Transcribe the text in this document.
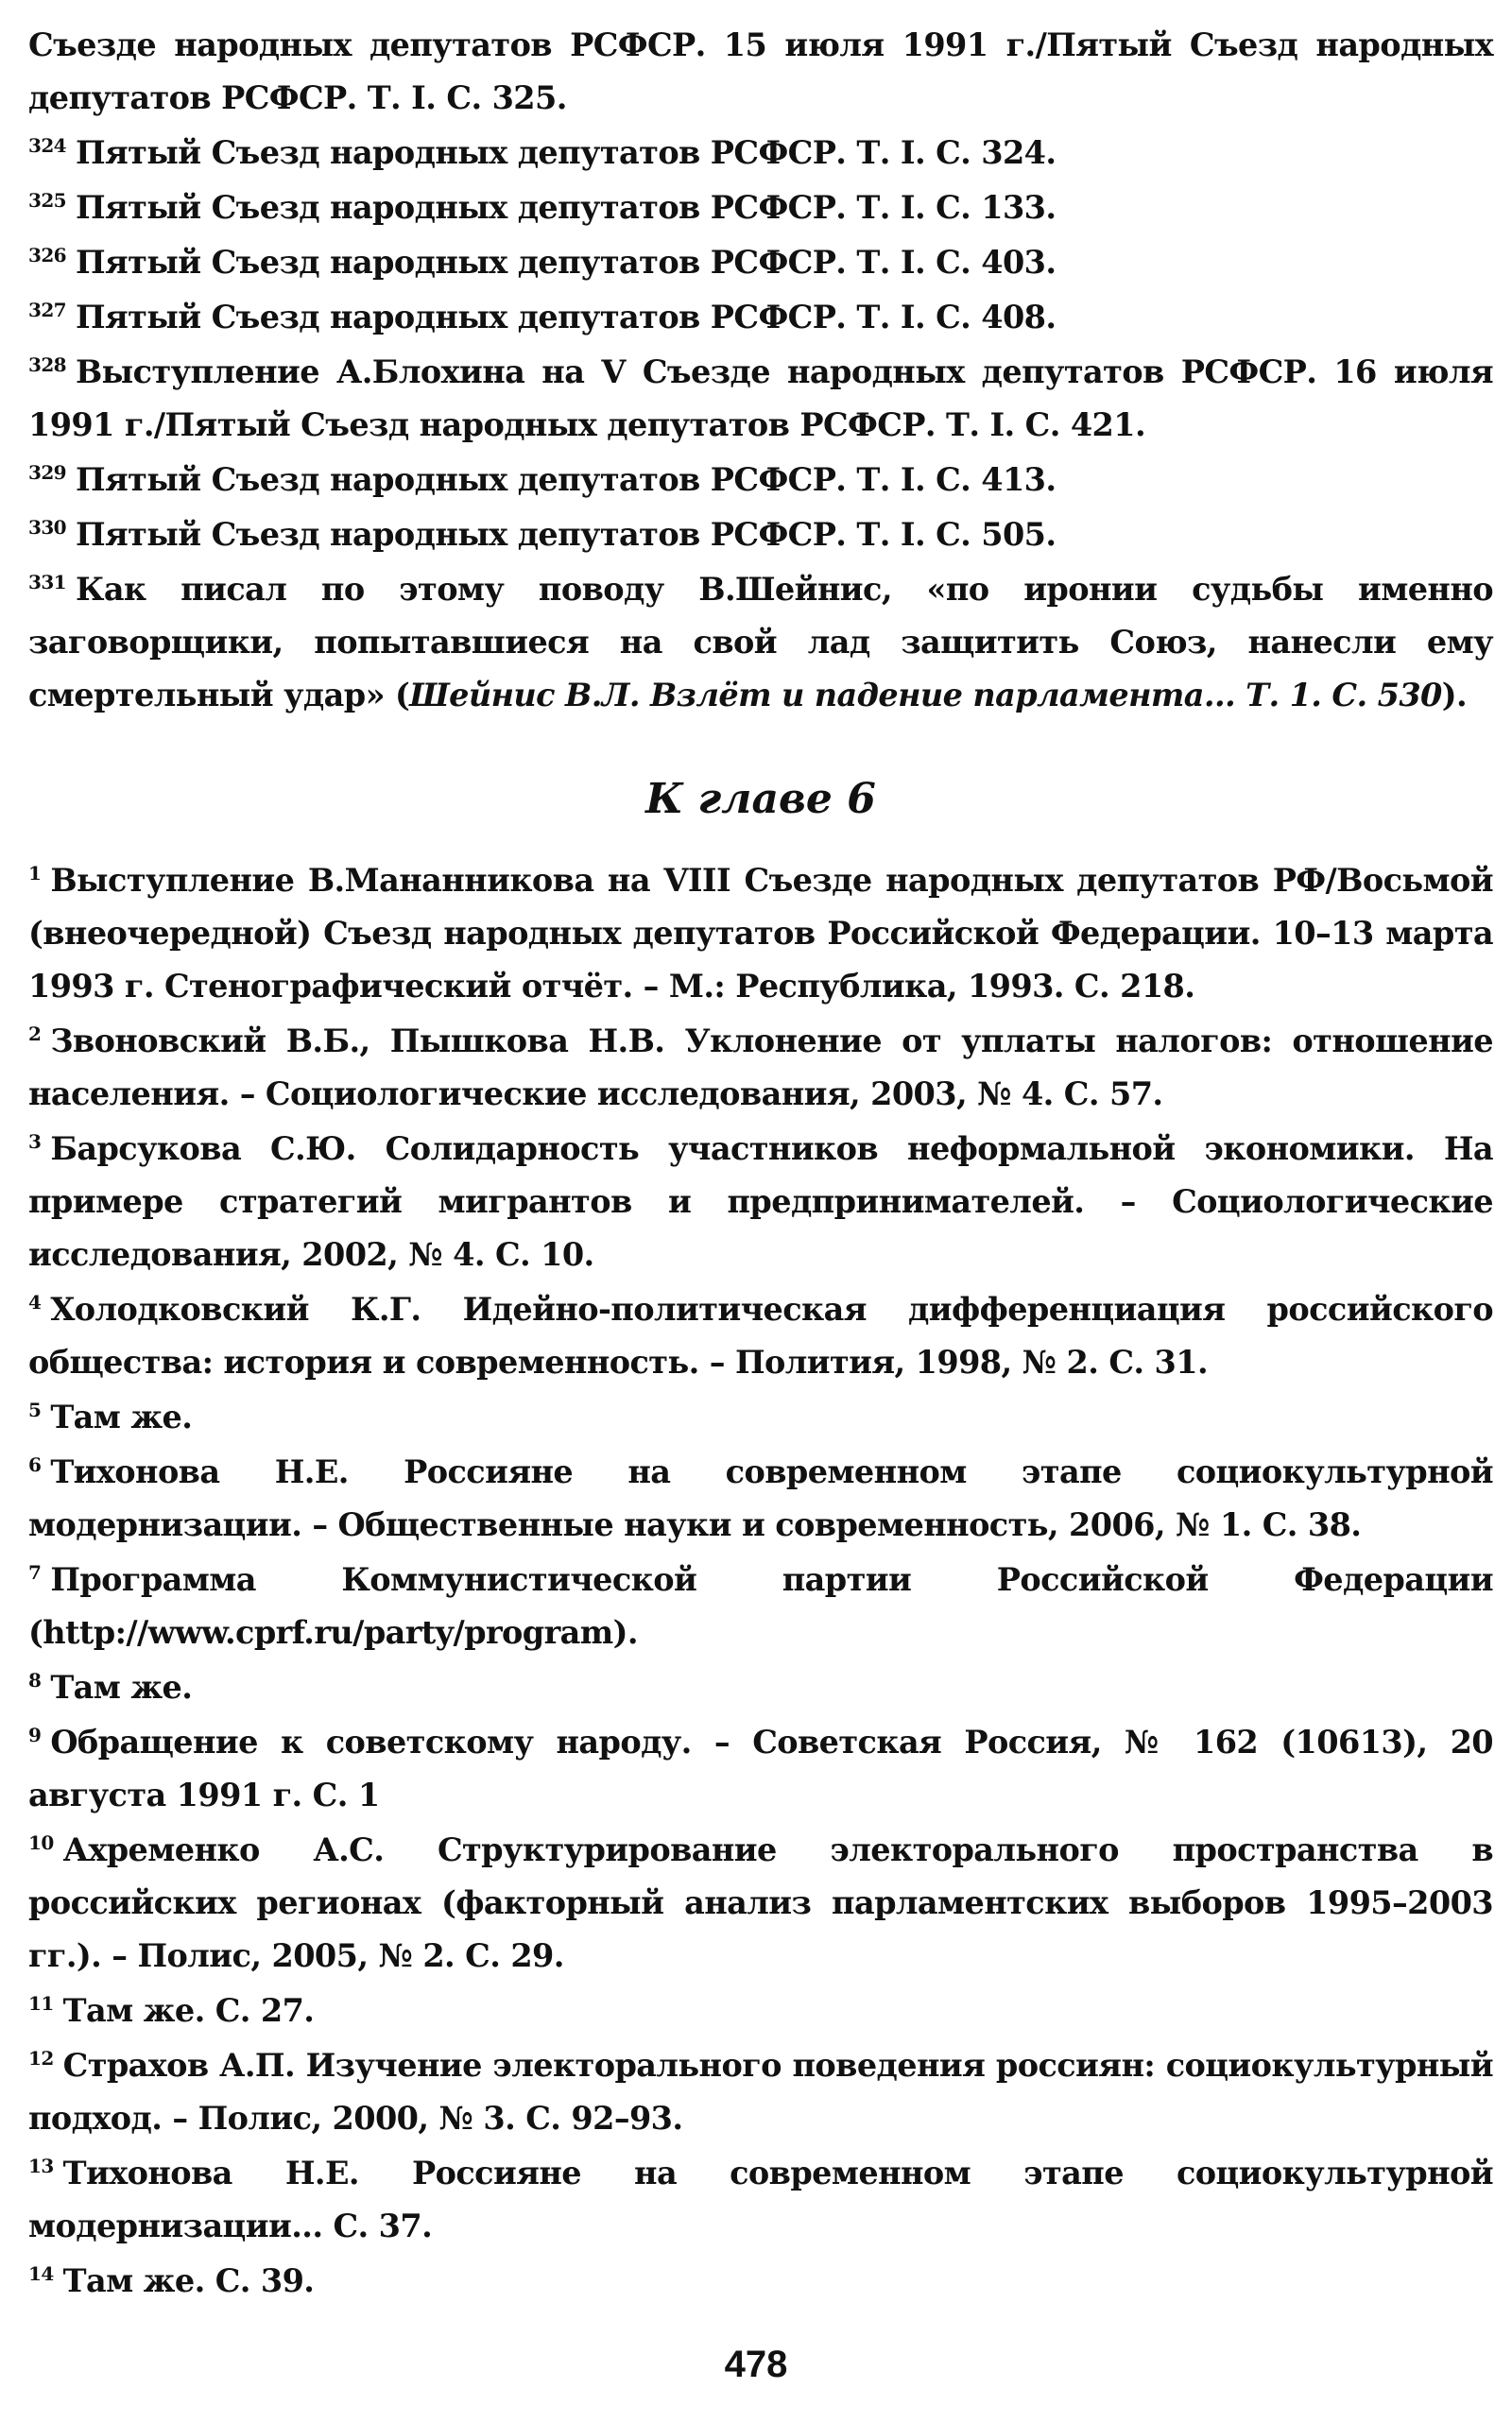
Съезде народных депутатов РСФСР. 15 июля 1991 г./Пятый Съезд народных депутатов РСФСР. Т. I. С. 325.

$^{324}$ Пятый Съезд народных депутатов РСФСР. Т. I. С. 324.

$^{325}$ Пятый Съезд народных депутатов РСФСР. Т. I. С. 133.

$^{326}$ Пятый Съезд народных депутатов РСФСР. Т. I. С. 403.

$^{327}$ Пятый Съезд народных депутатов РСФСР. Т. I. С. 408.

$^{328}$ Выступление А.Блохина на V Съезде народных депутатов РСФСР. 16 июля 1991 г./Пятый Съезд народных депутатов РСФСР. Т. I. С. 421.

$^{329}$ Пятый Съезд народных депутатов РСФСР. Т. I. С. 413.

$^{330}$ Пятый Съезд народных депутатов РСФСР. Т. I. С. 505.

$^{331}$ Как писал по этому поводу В.Шейнис, «по иронии судьбы именно заговорщики, попытавшиеся на свой лад защитить Союз, нанесли ему смертельный удар» (Шейнис В.Л. Взлёт и падение парламента... Т. 1. С. 530).

К главе 6

$^1$ Выступление В.Мананникова на VIII Съезде народных депутатов РФ/Восьмой (внеочередной) Съезд народных депутатов Российской Федерации. 10–13 марта 1993 г. Стенографический отчёт. – М.: Республика, 1993. С. 218.

$^2$ Звоновский В.Б., Пышкова Н.В. Уклонение от уплаты налогов: отношение населения. – Социологические исследования, 2003, № 4. С. 57.

$^3$ Барсукова С.Ю. Солидарность участников неформальной экономики. На примере стратегий мигрантов и предпринимателей. – Социологические исследования, 2002, № 4. С. 10.

$^4$ Холодковский К.Г. Идейно-политическая дифференциация российского общества: история и современность. – Полития, 1998, № 2. С. 31.

$^5$ Там же.

$^6$ Тихонова Н.Е. Россияне на современном этапе социокультурной модернизации. – Общественные науки и современность, 2006, № 1. С. 38.

$^7$ Программа Коммунистической партии Российской Федерации (http://www.cprf.ru/party/program).

$^8$ Там же.

$^9$ Обращение к советскому народу. – Советская Россия, № 162 (10613), 20 августа 1991 г. С. 1

$^{10}$ Ахременко А.С. Структурирование электорального пространства в российских регионах (факторный анализ парламентских выборов 1995–2003 гг.). – Полис, 2005, № 2. С. 29.

$^{11}$ Там же. С. 27.

$^{12}$ Страхов А.П. Изучение электорального поведения россиян: социокультурный подход. – Полис, 2000, № 3. С. 92–93.

$^{13}$ Тихонова Н.Е. Россияне на современном этапе социокультурной модернизации... С. 37.

$^{14}$ Там же. С. 39.

478
